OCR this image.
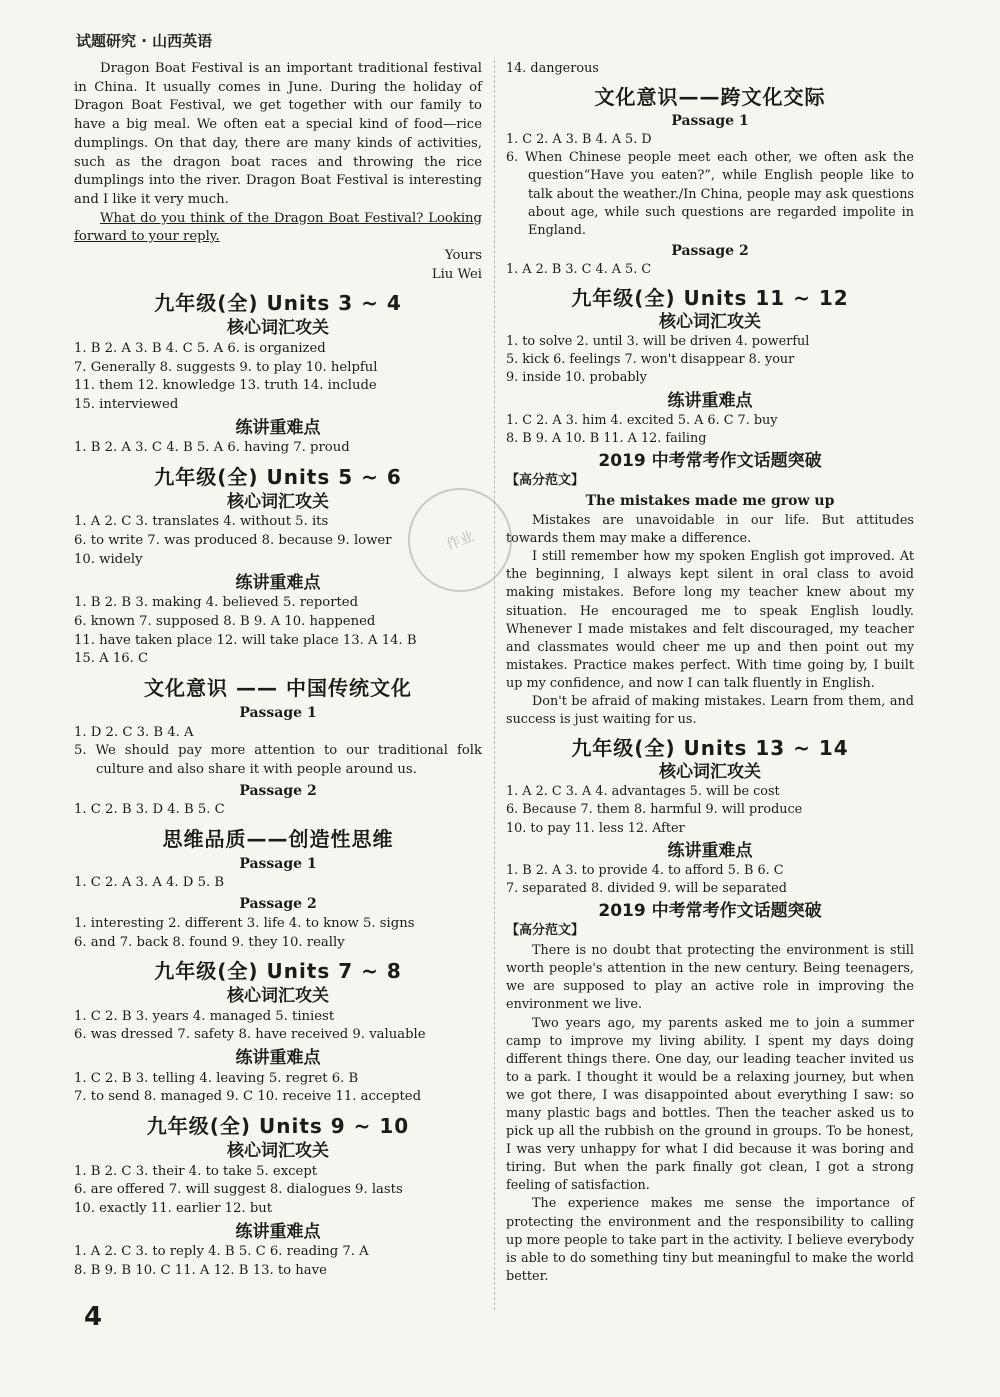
试题研究 · 山西英语
作业

Dragon Boat Festival is an important traditional festival in China. It usually comes in June. During the holiday of Dragon Boat Festival, we get together with our family to have a big meal. We often eat a special kind of food—rice dumplings. On that day, there are many kinds of activities, such as the dragon boat races and throwing the rice dumplings into the river. Dragon Boat Festival is interesting and I like it very much.

What do you think of the Dragon Boat Festival? Looking forward to your reply.

Yours

Liu Wei

九年级(全) Units 3 ~ 4
核心词汇攻关

1. B 2. A 3. B 4. C 5. A 6. is organized

7. Generally 8. suggests 9. to play 10. helpful

11. them 12. knowledge 13. truth 14. include

15. interviewed

练讲重难点

1. B 2. A 3. C 4. B 5. A 6. having 7. proud

九年级(全) Units 5 ~ 6
核心词汇攻关

1. A 2. C 3. translates 4. without 5. its

6. to write 7. was produced 8. because 9. lower

10. widely

练讲重难点

1. B 2. B 3. making 4. believed 5. reported

6. known 7. supposed 8. B 9. A 10. happened

11. have taken place 12. will take place 13. A 14. B

15. A 16. C

文化意识 —— 中国传统文化
Passage 1

1. D 2. C 3. B 4. A

5. We should pay more attention to our traditional folk culture and also share it with people around us.

Passage 2

1. C 2. B 3. D 4. B 5. C

思维品质——创造性思维
Passage 1

1. C 2. A 3. A 4. D 5. B

Passage 2

1. interesting 2. different 3. life 4. to know 5. signs

6. and 7. back 8. found 9. they 10. really

九年级(全) Units 7 ~ 8
核心词汇攻关

1. C 2. B 3. years 4. managed 5. tiniest

6. was dressed 7. safety 8. have received 9. valuable

练讲重难点

1. C 2. B 3. telling 4. leaving 5. regret 6. B

7. to send 8. managed 9. C 10. receive 11. accepted

九年级(全) Units 9 ~ 10
核心词汇攻关

1. B 2. C 3. their 4. to take 5. except

6. are offered 7. will suggest 8. dialogues 9. lasts

10. exactly 11. earlier 12. but

练讲重难点

1. A 2. C 3. to reply 4. B 5. C 6. reading 7. A

8. B 9. B 10. C 11. A 12. B 13. to have

14. dangerous

文化意识——跨文化交际
Passage 1

1. C 2. A 3. B 4. A 5. D

6. When Chinese people meet each other, we often ask the question“Have you eaten?”, while English people like to talk about the weather./In China, people may ask questions about age, while such questions are regarded impolite in England.

Passage 2

1. A 2. B 3. C 4. A 5. C

九年级(全) Units 11 ~ 12
核心词汇攻关

1. to solve 2. until 3. will be driven 4. powerful

5. kick 6. feelings 7. won't disappear 8. your

9. inside 10. probably

练讲重难点

1. C 2. A 3. him 4. excited 5. A 6. C 7. buy

8. B 9. A 10. B 11. A 12. failing

2019 中考常考作文话题突破
【高分范文】
The mistakes made me grow up

Mistakes are unavoidable in our life. But attitudes towards them may make a difference.

I still remember how my spoken English got improved. At the beginning, I always kept silent in oral class to avoid making mistakes. Before long my teacher knew about my situation. He encouraged me to speak English loudly. Whenever I made mistakes and felt discouraged, my teacher and classmates would cheer me up and then point out my mistakes. Practice makes perfect. With time going by, I built up my confidence, and now I can talk fluently in English.

Don't be afraid of making mistakes. Learn from them, and success is just waiting for us.

九年级(全) Units 13 ~ 14
核心词汇攻关

1. A 2. C 3. A 4. advantages 5. will be cost

6. Because 7. them 8. harmful 9. will produce

10. to pay 11. less 12. After

练讲重难点

1. B 2. A 3. to provide 4. to afford 5. B 6. C

7. separated 8. divided 9. will be separated

2019 中考常考作文话题突破
【高分范文】

There is no doubt that protecting the environment is still worth people's attention in the new century. Being teenagers, we are supposed to play an active role in improving the environment we live.

Two years ago, my parents asked me to join a summer camp to improve my living ability. I spent my days doing different things there. One day, our leading teacher invited us to a park. I thought it would be a relaxing journey, but when we got there, I was disappointed about everything I saw: so many plastic bags and bottles. Then the teacher asked us to pick up all the rubbish on the ground in groups. To be honest, I was very unhappy for what I did because it was boring and tiring. But when the park finally got clean, I got a strong feeling of satisfaction.

The experience makes me sense the importance of protecting the environment and the responsibility to calling up more people to take part in the activity. I believe everybody is able to do something tiny but meaningful to make the world better.

4
